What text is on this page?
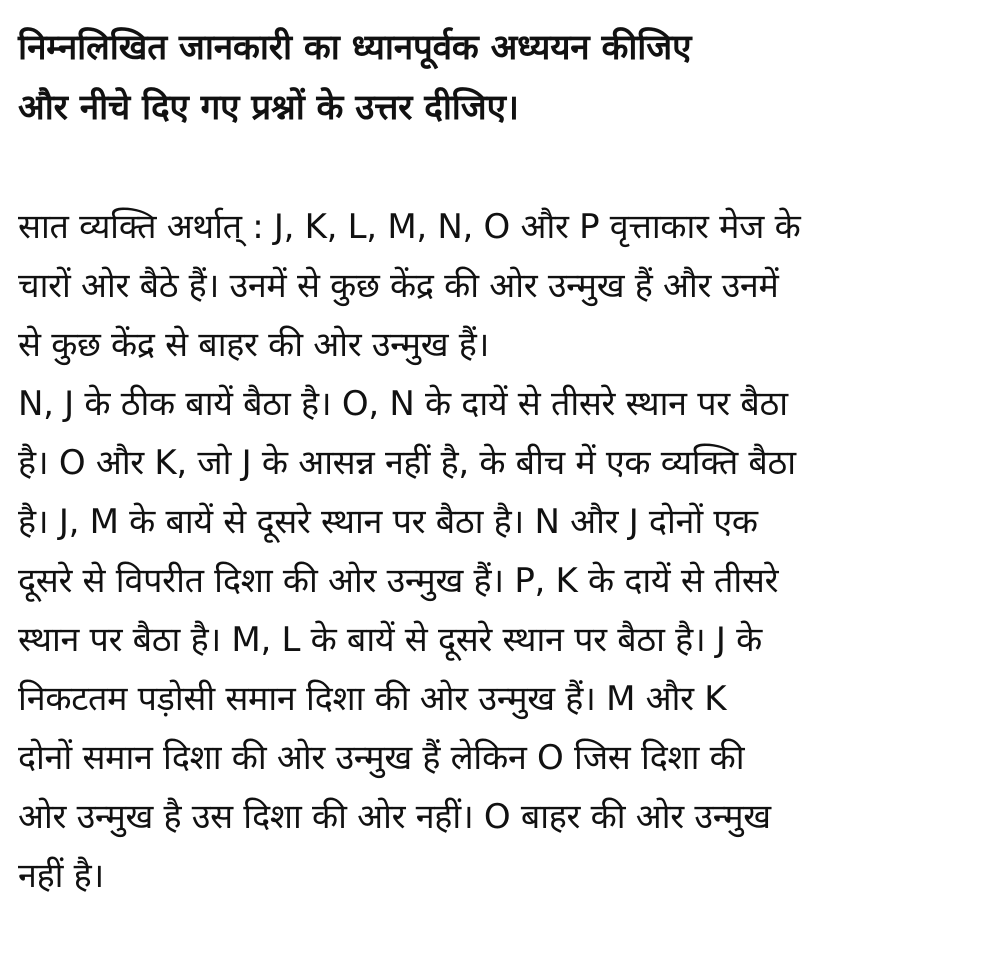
निम्नलिखित जानकारी का ध्यानपूर्वक अध्ययन कीजिए
और नीचे दिए गए प्रश्नों के उत्तर दीजिए।
सात व्यक्ति अर्थात् : J, K, L, M, N, O और P वृत्ताकार मेज के
चारों ओर बैठे हैं। उनमें से कुछ केंद्र की ओर उन्मुख हैं और उनमें
से कुछ केंद्र से बाहर की ओर उन्मुख हैं।
N, J के ठीक बायें बैठा है। O, N के दायें से तीसरे स्थान पर बैठा
है। O और K, जो J के आसन्न नहीं है, के बीच में एक व्यक्ति बैठा
है। J, M के बायें से दूसरे स्थान पर बैठा है। N और J दोनों एक
दूसरे से विपरीत दिशा की ओर उन्मुख हैं। P, K के दायें से तीसरे
स्थान पर बैठा है। M, L के बायें से दूसरे स्थान पर बैठा है। J के
निकटतम पड़ोसी समान दिशा की ओर उन्मुख हैं। M और K
दोनों समान दिशा की ओर उन्मुख हैं लेकिन O जिस दिशा की
ओर उन्मुख है उस दिशा की ओर नहीं। O बाहर की ओर उन्मुख
नहीं है।
